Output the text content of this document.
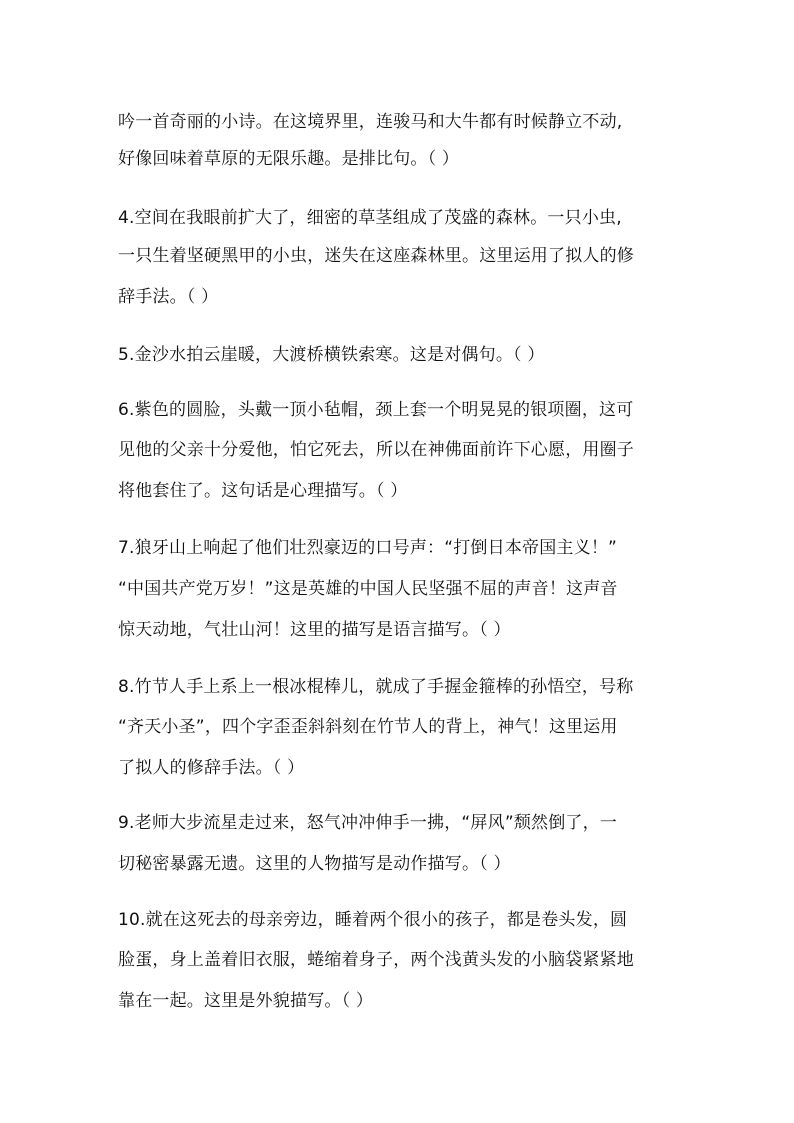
吟一首奇丽的小诗。在这境界里，连骏马和大牛都有时候静立不动,
好像回味着草原的无限乐趣。是排比句。（ ）
4.空间在我眼前扩大了，细密的草茎组成了茂盛的森林。一只小虫,
一只生着坚硬黑甲的小虫，迷失在这座森林里。这里运用了拟人的修
辞手法。（ ）
5.金沙水拍云崖暖，大渡桥横铁索寒。这是对偶句。（ ）
6.紫色的圆脸，头戴一顶小毡帽，颈上套一个明晃晃的银项圈，这可
见他的父亲十分爱他，怕它死去，所以在神佛面前许下心愿，用圈子
将他套住了。这句话是心理描写。（ ）
7.狼牙山上响起了他们壮烈豪迈的口号声：“打倒日本帝国主义！”
“中国共产党万岁！”这是英雄的中国人民坚强不屈的声音！这声音
惊天动地，气壮山河！这里的描写是语言描写。（ ）
8.竹节人手上系上一根冰棍棒儿，就成了手握金箍棒的孙悟空，号称
“齐天小圣”，四个字歪歪斜斜刻在竹节人的背上，神气！这里运用
了拟人的修辞手法。（ ）
9.老师大步流星走过来，怒气冲冲伸手一拂，“屏风”颓然倒了，一
切秘密暴露无遗。这里的人物描写是动作描写。（ ）
10.就在这死去的母亲旁边，睡着两个很小的孩子，都是卷头发，圆
脸蛋，身上盖着旧衣服，蜷缩着身子，两个浅黄头发的小脑袋紧紧地
靠在一起。这里是外貌描写。（ ）
